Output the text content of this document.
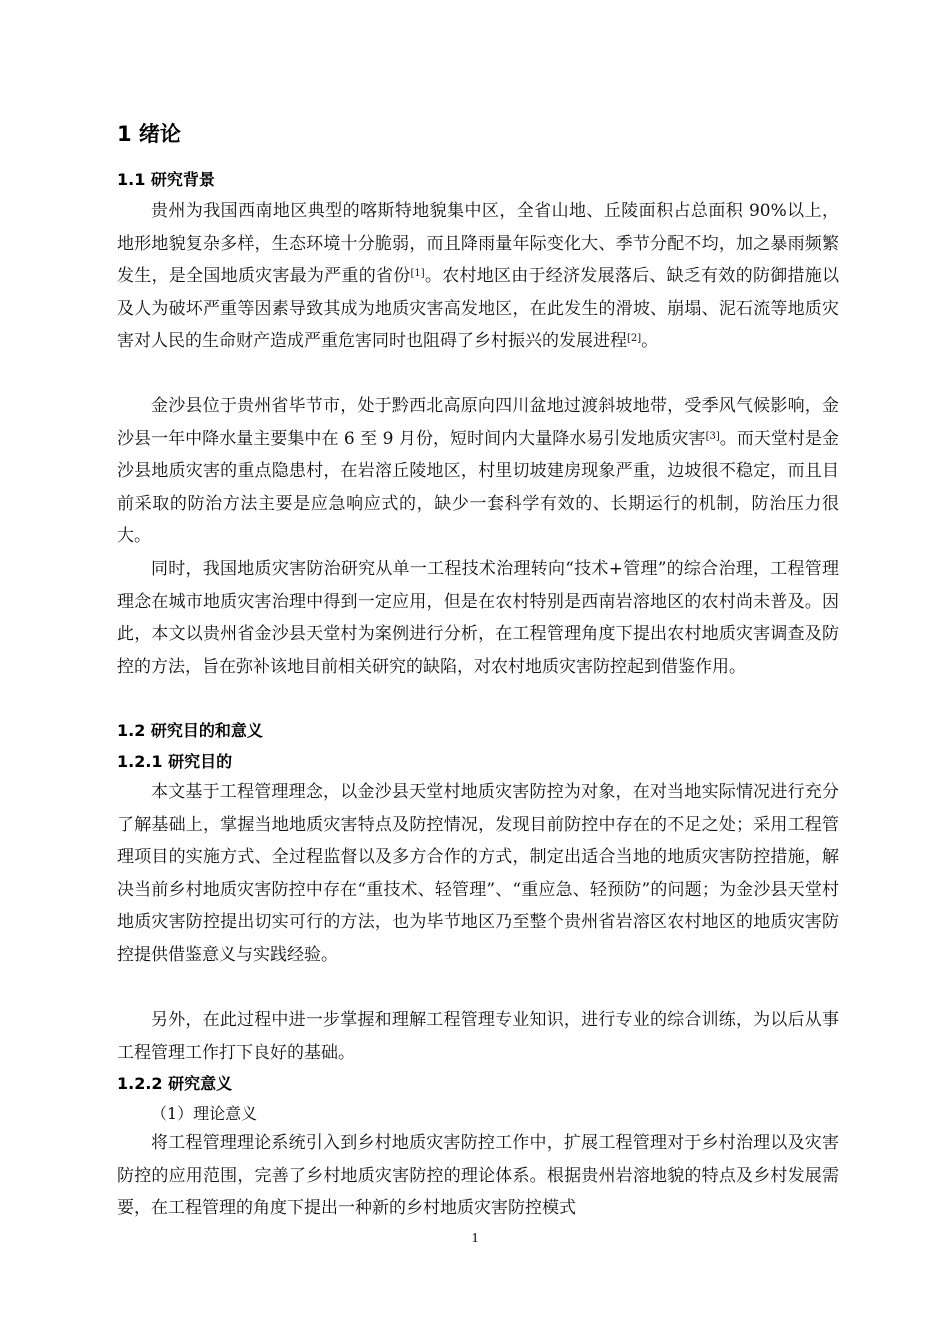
1 绪论
1.1 研究背景

贵州为我国西南地区典型的喀斯特地貌集中区，全省山地、丘陵面积占总面积 90%以上，地形地貌复杂多样，生态环境十分脆弱，而且降雨量年际变化大、季节分配不均，加之暴雨频繁发生，是全国地质灾害最为严重的省份[1]。农村地区由于经济发展落后、缺乏有效的防御措施以及人为破坏严重等因素导致其成为地质灾害高发地区，在此发生的滑坡、崩塌、泥石流等地质灾害对人民的生命财产造成严重危害同时也阻碍了乡村振兴的发展进程[2]。

金沙县位于贵州省毕节市，处于黔西北高原向四川盆地过渡斜坡地带，受季风气候影响，金沙县一年中降水量主要集中在 6 至 9 月份，短时间内大量降水易引发地质灾害[3]。而天堂村是金沙县地质灾害的重点隐患村，在岩溶丘陵地区，村里切坡建房现象严重，边坡很不稳定，而且目前采取的防治方法主要是应急响应式的，缺少一套科学有效的、长期运行的机制，防治压力很大。

同时，我国地质灾害防治研究从单一工程技术治理转向“技术+管理”的综合治理，工程管理理念在城市地质灾害治理中得到一定应用，但是在农村特别是西南岩溶地区的农村尚未普及。因此，本文以贵州省金沙县天堂村为案例进行分析，在工程管理角度下提出农村地质灾害调查及防控的方法，旨在弥补该地目前相关研究的缺陷，对农村地质灾害防控起到借鉴作用。

1.2 研究目的和意义
1.2.1 研究目的

本文基于工程管理理念，以金沙县天堂村地质灾害防控为对象，在对当地实际情况进行充分了解基础上，掌握当地地质灾害特点及防控情况，发现目前防控中存在的不足之处；采用工程管理项目的实施方式、全过程监督以及多方合作的方式，制定出适合当地的地质灾害防控措施，解决当前乡村地质灾害防控中存在“重技术、轻管理”、“重应急、轻预防”的问题；为金沙县天堂村地质灾害防控提出切实可行的方法，也为毕节地区乃至整个贵州省岩溶区农村地区的地质灾害防控提供借鉴意义与实践经验。

另外，在此过程中进一步掌握和理解工程管理专业知识，进行专业的综合训练，为以后从事工程管理工作打下良好的基础。

1.2.2 研究意义
（1）理论意义

将工程管理理论系统引入到乡村地质灾害防控工作中，扩展工程管理对于乡村治理以及灾害防控的应用范围，完善了乡村地质灾害防控的理论体系。根据贵州岩溶地貌的特点及乡村发展需要，在工程管理的角度下提出一种新的乡村地质灾害防控模式

1
